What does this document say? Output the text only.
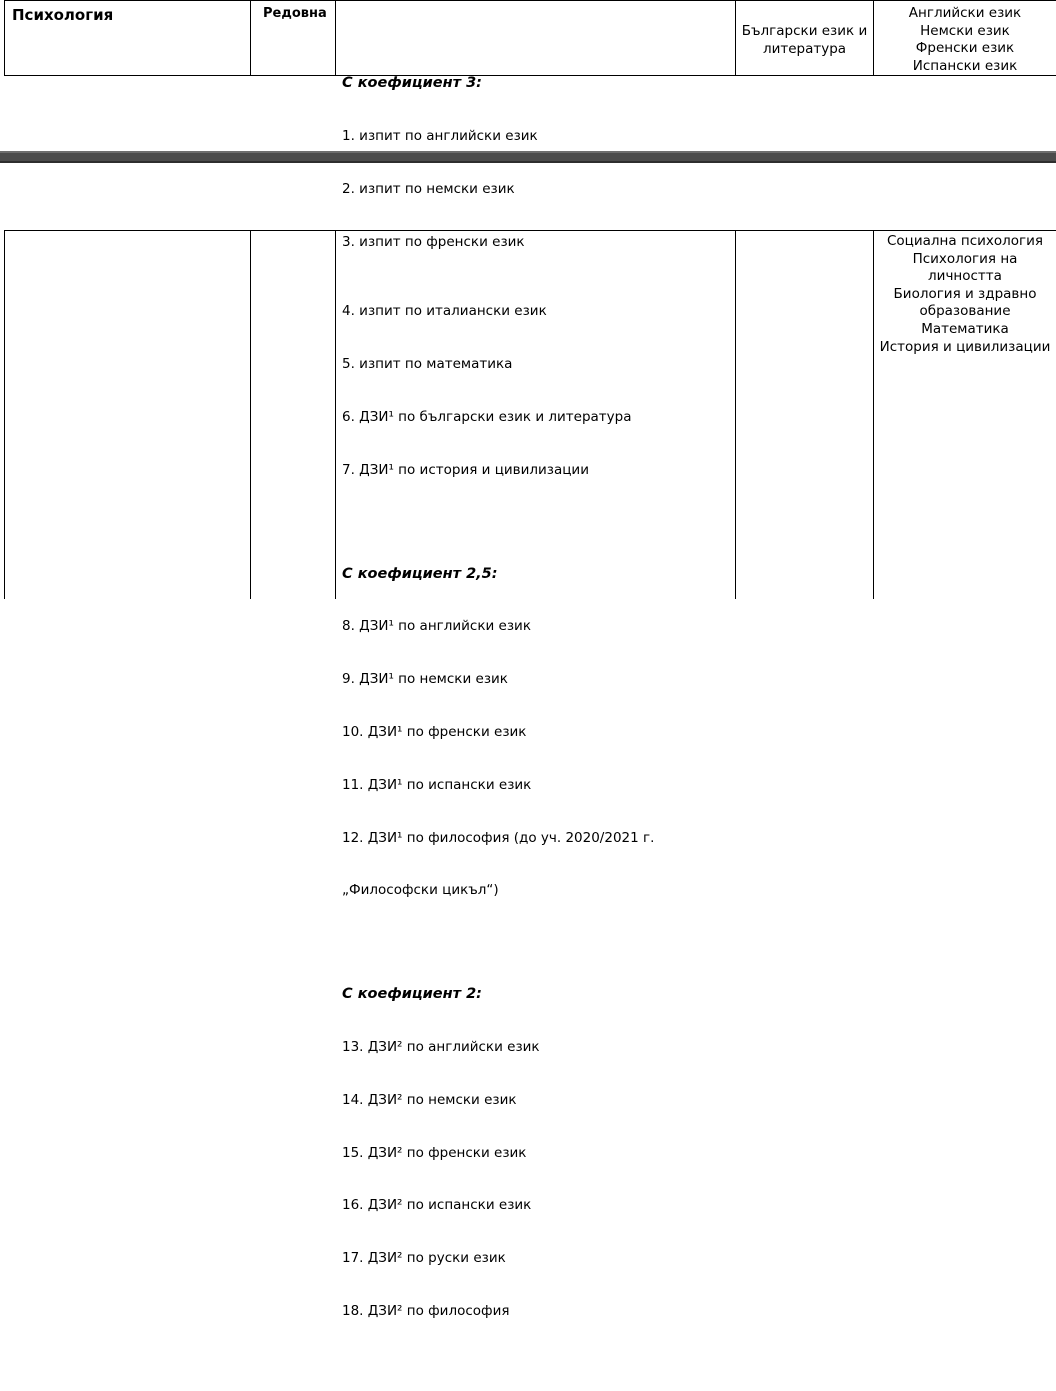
Психология	Редовна

С коефициент 3:

1. изпит по английски език

2. изпит по немски език

3. изпит по френски език

Български език и
литература
Английски език
Немски език
Френски език
Испански език

4. изпит по италиански език

5. изпит по математика

6. ДЗИ¹ по български език и литература

7. ДЗИ¹ по история и цивилизации

С коефициент 2,5:

8. ДЗИ¹ по английски език

9. ДЗИ¹ по немски език

10. ДЗИ¹ по френски език

11. ДЗИ¹ по испански език

12. ДЗИ¹ по философия (до уч. 2020/2021 г.

„Философски цикъл“)

С коефициент 2:

13. ДЗИ² по английски език

14. ДЗИ² по немски език

15. ДЗИ² по френски език

16. ДЗИ² по испански език

17. ДЗИ² по руски език

18. ДЗИ² по философия

Социална психология
Психология на
личността
Биология и здравно
образование
Математика
История и цивилизации
